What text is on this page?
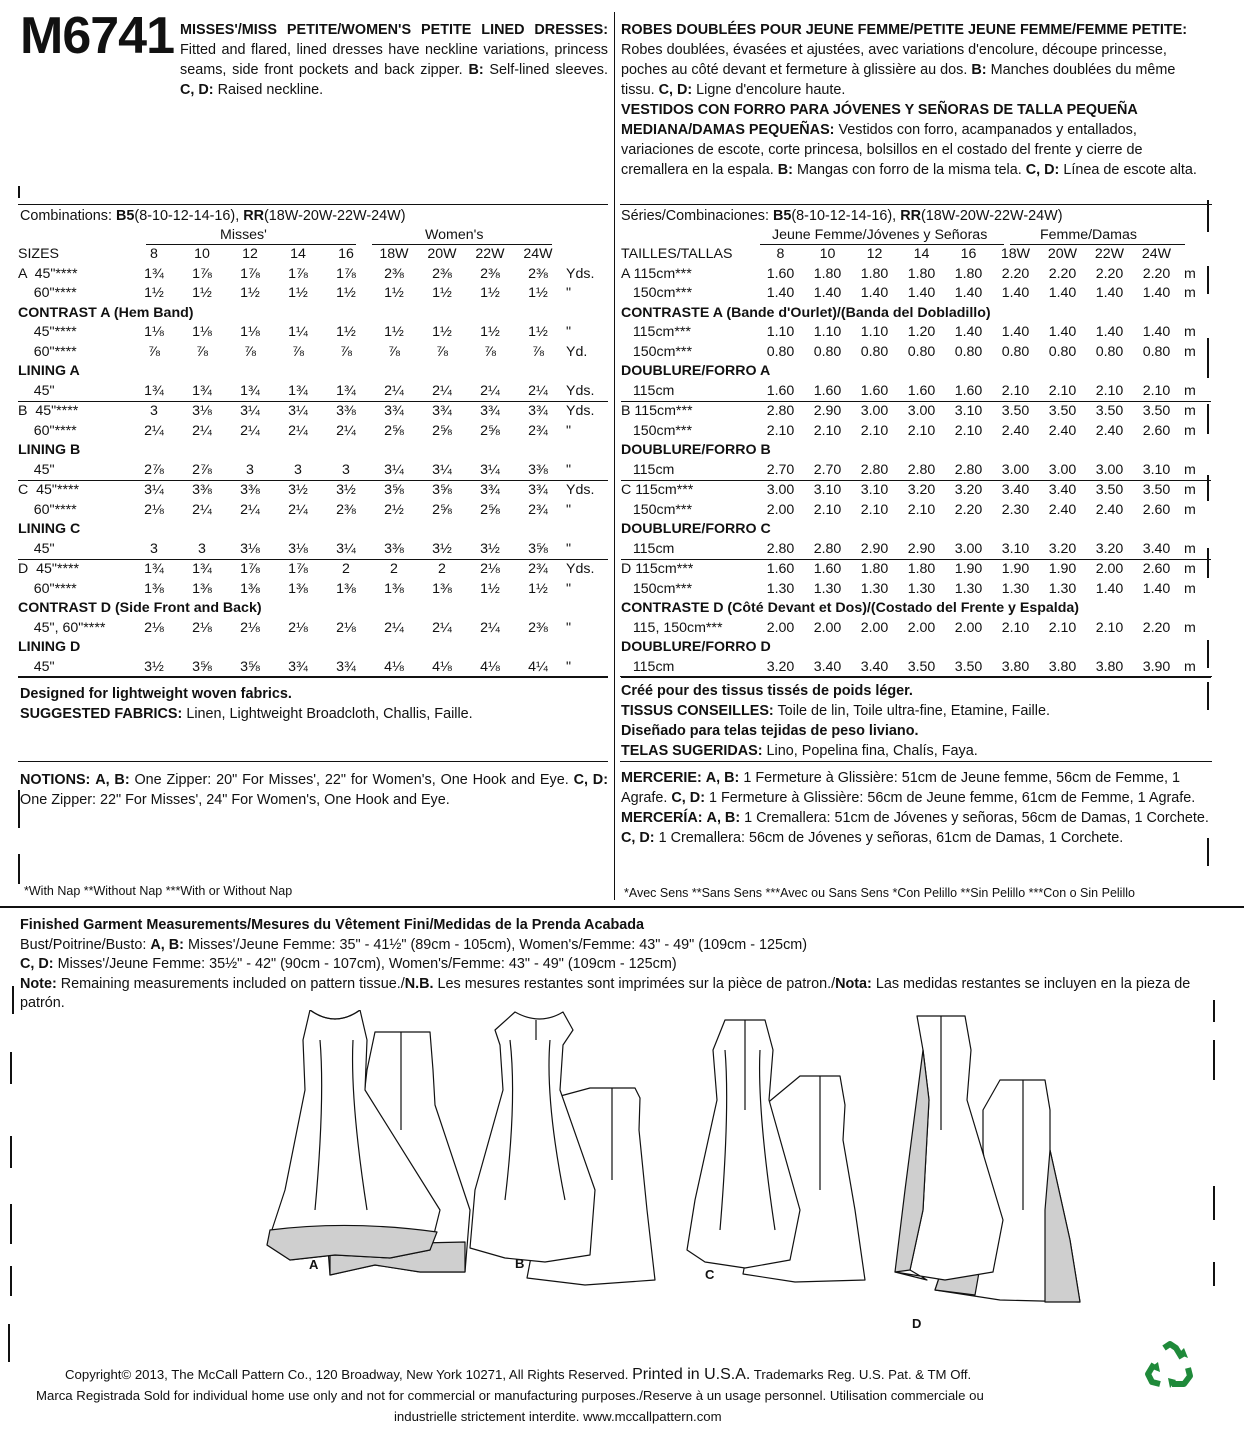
M6741 MISSES'/MISS PETITE/WOMEN'S PETITE LINED DRESSES: Fitted and flared, lined dresses have neckline variations, princess seams, side front pockets and back zipper. B: Self-lined sleeves. C, D: Raised neckline.
ROBES DOUBLÉES POUR JEUNE FEMME/PETITE JEUNE FEMME/FEMME PETITE: Robes doublées, évasées et ajustées, avec variations d'encolure, découpe princesse, poches au côté devant et fermeture à glissière au dos. B: Manches doublées du même tissu. C, D: Ligne d'encolure haute.
VESTIDOS CON FORRO PARA JÓVENES Y SEÑORAS DE TALLA PEQUEÑA MEDIANA/DAMAS PEQUEÑAS: Vestidos con forro, acampanados y entallados, variaciones de escote, corte princesa, bolsillos en el costado del frente y cierre de cremallera en la espala. B: Mangas con forro de la misma tela. C, D: Línea de escote alta.
Combinations: B5(8-10-12-14-16), RR(18W-20W-22W-24W)
Misses'	Women's
SIZES	8	10	12	14	16	18W	20W	22W	24W	
A  45"****	1¾	1⅞	1⅞	1⅞	1⅞	2⅜	2⅜	2⅜	2⅜	Yds.
60"****	1½	1½	1½	1½	1½	1½	1½	1½	1½	"
CONTRAST A (Hem Band)										
45"****	1⅛	1⅛	1⅛	1¼	1½	1½	1½	1½	1½	"
60"****	⅞	⅞	⅞	⅞	⅞	⅞	⅞	⅞	⅞	Yd.
LINING A										
45"	1¾	1¾	1¾	1¾	1¾	2¼	2¼	2¼	2¼	Yds.
B  45"****	3	3⅛	3¼	3¼	3⅜	3¾	3¾	3¾	3¾	Yds.
60"****	2¼	2¼	2¼	2¼	2¼	2⅝	2⅝	2⅝	2¾	"
LINING B										
45"	2⅞	2⅞	3	3	3	3¼	3¼	3¼	3⅜	"
C  45"****	3¼	3⅜	3⅜	3½	3½	3⅝	3⅝	3¾	3¾	Yds.
60"****	2⅛	2¼	2¼	2¼	2⅜	2½	2⅝	2⅝	2¾	"
LINING C										
45"	3	3	3⅛	3⅛	3¼	3⅜	3½	3½	3⅝	"
D  45"****	1¾	1¾	1⅞	1⅞	2	2	2	2⅛	2¾	Yds.
60"****	1⅜	1⅜	1⅜	1⅜	1⅜	1⅜	1⅜	1½	1½	"
CONTRAST D (Side Front and Back)										
45", 60"****	2⅛	2⅛	2⅛	2⅛	2⅛	2¼	2¼	2¼	2⅜	"
LINING D										
45"	3½	3⅝	3⅝	3¾	3¾	4⅛	4⅛	4⅛	4¼	"
Séries/Combinaciones: B5(8-10-12-14-16), RR(18W-20W-22W-24W)
Jeune Femme/Jóvenes y Señoras	Femme/Damas
TAILLES/TALLAS	8	10	12	14	16	18W	20W	22W	24W	
A 115cm***	1.60	1.80	1.80	1.80	1.80	2.20	2.20	2.20	2.20	m
150cm***	1.40	1.40	1.40	1.40	1.40	1.40	1.40	1.40	1.40	m
CONTRASTE A (Bande d'Ourlet)/(Banda del Dobladillo)										
115cm***	1.10	1.10	1.10	1.20	1.40	1.40	1.40	1.40	1.40	m
150cm***	0.80	0.80	0.80	0.80	0.80	0.80	0.80	0.80	0.80	m
DOUBLURE/FORRO A										
115cm	1.60	1.60	1.60	1.60	1.60	2.10	2.10	2.10	2.10	m
B 115cm***	2.80	2.90	3.00	3.00	3.10	3.50	3.50	3.50	3.50	m
150cm***	2.10	2.10	2.10	2.10	2.10	2.40	2.40	2.40	2.60	m
DOUBLURE/FORRO B										
115cm	2.70	2.70	2.80	2.80	2.80	3.00	3.00	3.00	3.10	m
C 115cm***	3.00	3.10	3.10	3.20	3.20	3.40	3.40	3.50	3.50	m
150cm***	2.00	2.10	2.10	2.10	2.20	2.30	2.40	2.40	2.60	m
DOUBLURE/FORRO C										
115cm	2.80	2.80	2.90	2.90	3.00	3.10	3.20	3.20	3.40	m
D 115cm***	1.60	1.60	1.80	1.80	1.90	1.90	1.90	2.00	2.60	m
150cm***	1.30	1.30	1.30	1.30	1.30	1.30	1.30	1.40	1.40	m
CONTRASTE D (Côté Devant et Dos)/(Costado del Frente y Espalda)										
115, 150cm***	2.00	2.00	2.00	2.00	2.00	2.10	2.10	2.10	2.20	m
DOUBLURE/FORRO D										
115cm	3.20	3.40	3.40	3.50	3.50	3.80	3.80	3.80	3.90	m
Designed for lightweight woven fabrics.
SUGGESTED FABRICS: Linen, Lightweight Broadcloth, Challis, Faille.
Créé pour des tissus tissés de poids léger.
TISSUS CONSEILLES: Toile de lin, Toile ultra-fine, Etamine, Faille.
Diseñado para telas tejidas de peso liviano.
TELAS SUGERIDAS: Lino, Popelina fina, Chalís, Faya.
NOTIONS: A, B: One Zipper: 20" For Misses', 22" for Women's, One Hook and Eye. C, D: One Zipper: 22" For Misses', 24" For Women's, One Hook and Eye.
MERCERIE: A, B: 1 Fermeture à Glissière: 51cm de Jeune femme, 56cm de Femme, 1 Agrafe. C, D: 1 Fermeture à Glissière: 56cm de Jeune femme, 61cm de Femme, 1 Agrafe.
MERCERÍA: A, B: 1 Cremallera: 51cm de Jóvenes y señoras, 56cm de Damas, 1 Corchete. C, D: 1 Cremallera: 56cm de Jóvenes y señoras, 61cm de Damas, 1 Corchete.
*With Nap **Without Nap ***With or Without Nap	*Avec Sens **Sans Sens ***Avec ou Sans Sens *Con Pelillo **Sin Pelillo ***Con o Sin Pelillo
Finished Garment Measurements/Mesures du Vêtement Fini/Medidas de la Prenda Acabada
Bust/Poitrine/Busto: A, B: Misses'/Jeune Femme: 35" - 41½" (89cm - 105cm), Women's/Femme: 43" - 49" (109cm - 125cm)
C, D: Misses'/Jeune Femme: 35½" - 42" (90cm - 107cm), Women's/Femme: 43" - 49" (109cm - 125cm)
Note: Remaining measurements included on pattern tissue./N.B. Les mesures restantes sont imprimées sur la pièce de patron./Nota: Las medidas restantes se incluyen en la pieza de patrón.
A	B
C
D
Copyright© 2013, The McCall Pattern Co., 120 Broadway, New York 10271, All Rights Reserved. Printed in U.S.A. Trademarks Reg. U.S. Pat. & TM Off.
Marca Registrada Sold for individual home use only and not for commercial or manufacturing purposes./Reserve à un usage personnel. Utilisation commerciale ou
industrielle strictement interdite. www.mccallpattern.com
